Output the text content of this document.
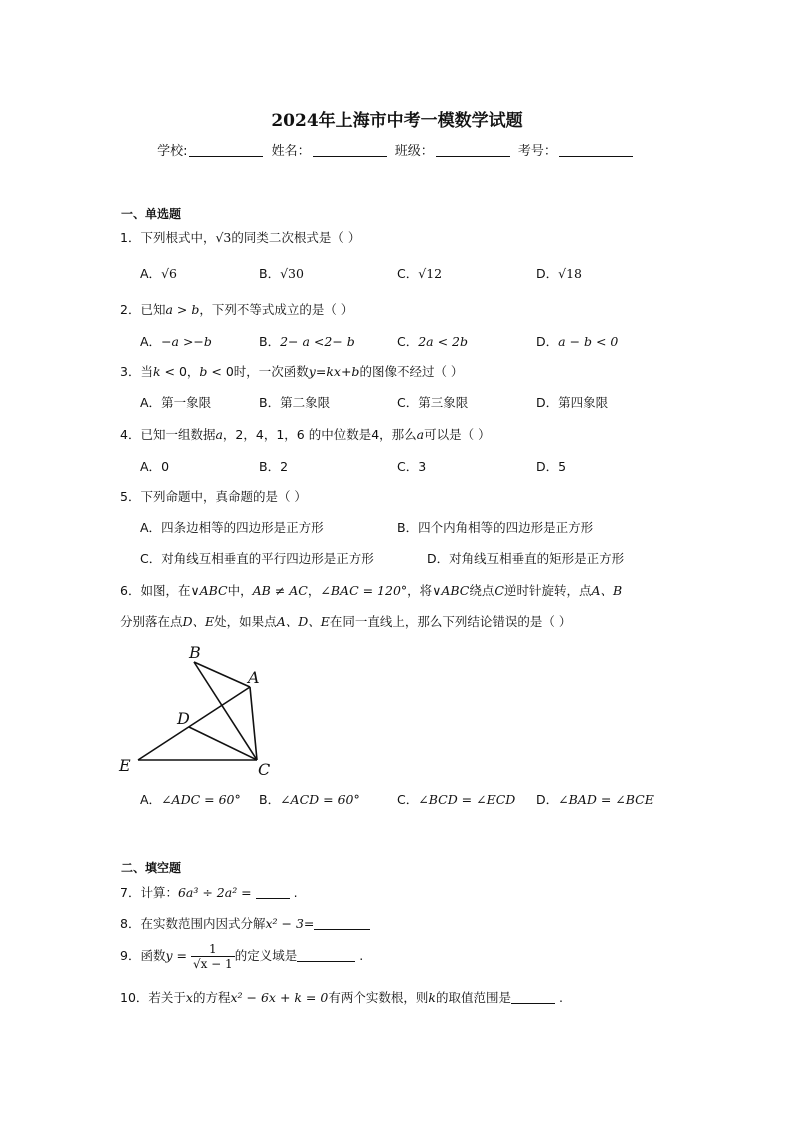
2024年上海市中考一模数学试题
学校:	姓名：	班级：	考号：
一、单选题
1．下列根式中，√3的同类二次根式是（ ）
A．√6	B．√30	C．√12	D．√18
2．已知a > b，下列不等式成立的是（ ）
A．−a >−b	B．2− a <2− b	C．2a < 2b	D．a − b < 0
3．当k < 0，b < 0时，一次函数y=kx+b的图像不经过（ ）
A．第一象限	B．第二象限	C．第三象限	D．第四象限
4．已知一组数据a，2，4，1，6 的中位数是4，那么a可以是（ ）
A．0	B．2	C．3	D．5
5．下列命题中，真命题的是（ ）
A．四条边相等的四边形是正方形	B．四个内角相等的四边形是正方形
C．对角线互相垂直的平行四边形是正方形	D．对角线互相垂直的矩形是正方形
6．如图，在∨ABC中，AB ≠ AC，∠BAC = 120°，将∨ABC绕点C逆时针旋转，点A、B
分别落在点D、E处，如果点A、D、E在同一直线上，那么下列结论错误的是（ ）
B
A
D
E	C
A．∠ADC = 60° B．∠ACD = 60°	C．∠BCD = ∠ECD D．∠BAD = ∠BCE
二、填空题
7．计算：6a³ ÷ 2a² =	.
8．在实数范围内因式分解x² − 3=
9．函数$y = \frac{1}{√x - 1}$ 的定义域是	.
10．若关于x的方程x² − 6x + k = 0有两个实数根，则k的取值范围是	.
